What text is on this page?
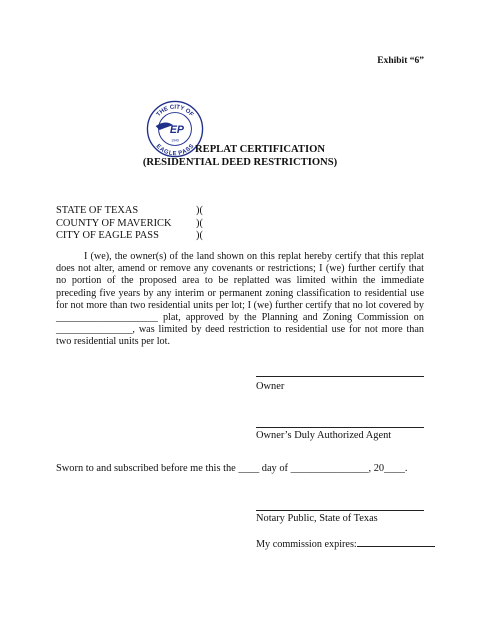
Exhibit “6”
THE CITY OF
EAGLE PASS
EP
1949
REPLAT CERTIFICATION
(RESIDENTIAL DEED RESTRICTIONS)
STATE OF TEXAS	)(
COUNTY OF MAVERICK	)(
CITY OF EAGLE PASS	)(

I (we), the owner(s) of the land shown on this replat hereby certify that this replat does not alter, amend or remove any covenants or restrictions; I (we) further certify that no portion of the proposed area to be replatted was limited within the immediate preceding five years by any interim or permanent zoning classification to residential use for not more than two residential units per lot; I (we) further certify that no lot covered by ____________________ plat, approved by the Planning and Zoning Commission on _______________, was limited by deed restriction to residential use for not more than two residential units per lot.

Owner
Owner’s Duly Authorized Agent
Sworn to and subscribed before me this the ____ day of _______________, 20____.
Notary Public, State of Texas
My commission expires:
